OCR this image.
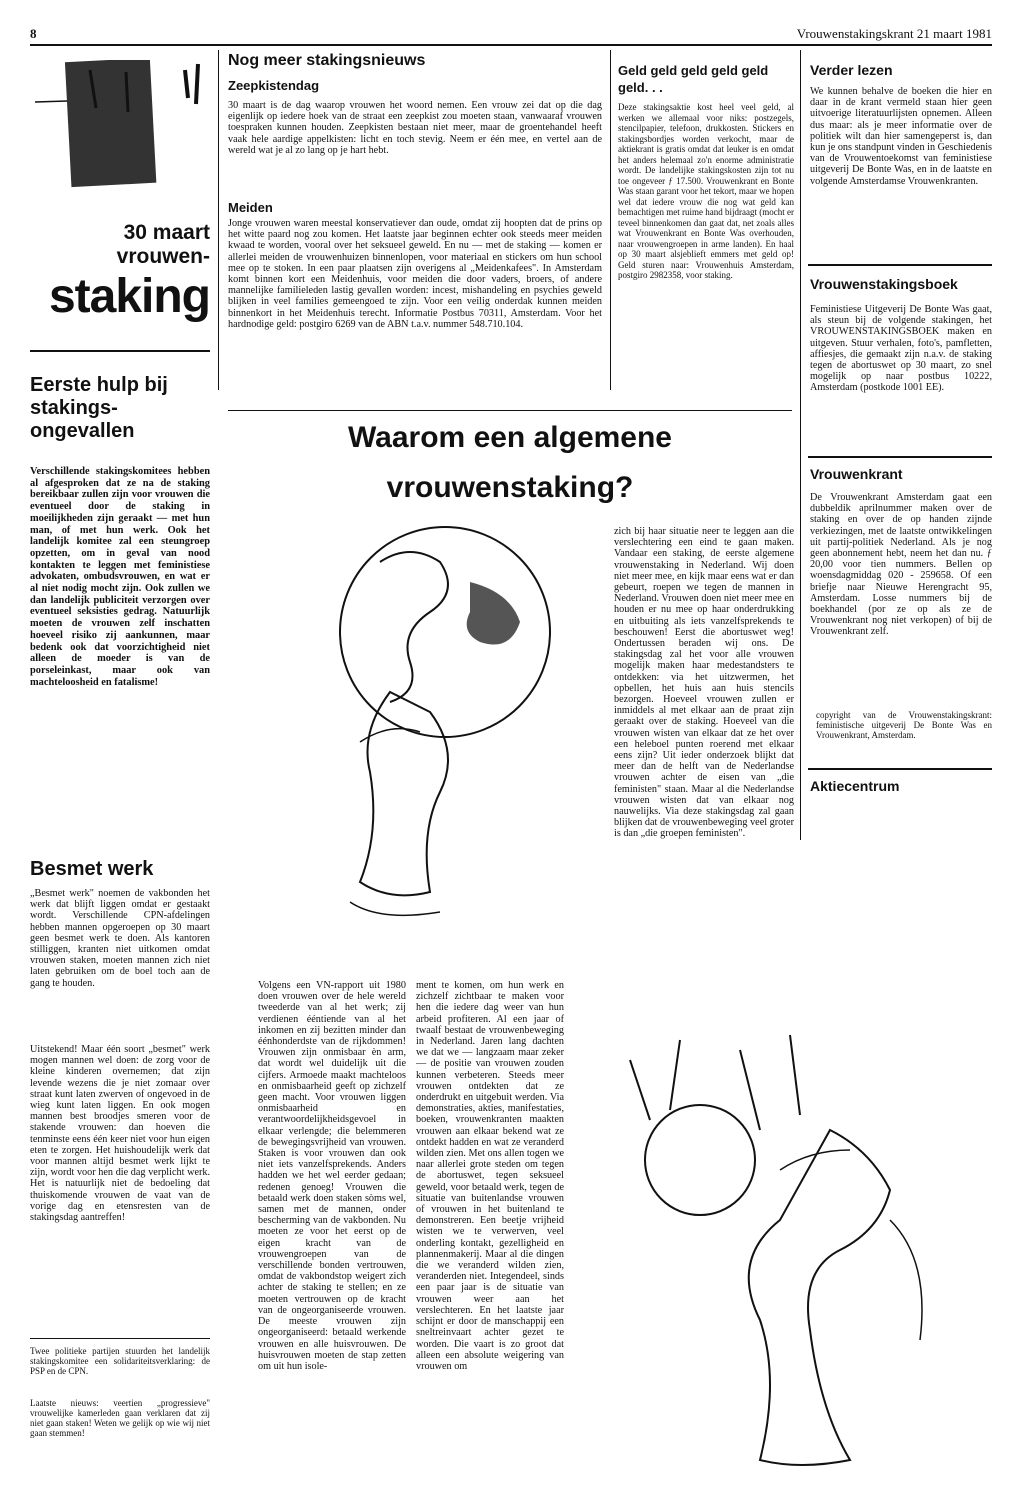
8	Vrouwenstakingskrant 21 maart 1981
30 maart
vrouwen-
staking
Eerste hulp bij stakings-ongevallen

Verschillende stakingskomitees hebben al afgesproken dat ze na de staking bereikbaar zullen zijn voor vrouwen die eventueel door de staking in moeilijkheden zijn geraakt — met hun man, of met hun werk. Ook het landelijk komitee zal een steungroep opzetten, om in geval van nood kontakten te leggen met feministiese advokaten, ombudsvrouwen, en wat er al niet nodig mocht zijn. Ook zullen we dan landelijk publiciteit verzorgen over eventueel seksisties gedrag. Natuurlijk moeten de vrouwen zelf inschatten hoeveel risiko zij aankunnen, maar bedenk ook dat voorzichtigheid niet alleen de moeder is van de porseleinkast, maar ook van machteloosheid en fatalisme!

Besmet werk

„Besmet werk" noemen de vakbonden het werk dat blijft liggen omdat er gestaakt wordt. Verschillende CPN-afdelingen hebben mannen opgeroepen op 30 maart geen besmet werk te doen. Als kantoren stilliggen, kranten niet uitkomen omdat vrouwen staken, moeten mannen zich niet laten gebruiken om de boel toch aan de gang te houden.

Uitstekend! Maar één soort „besmet" werk mogen mannen wel doen: de zorg voor de kleine kinderen overnemen; dat zijn levende wezens die je niet zomaar over straat kunt laten zwerven of ongevoed in de wieg kunt laten liggen. En ook mogen mannen best broodjes smeren voor de stakende vrouwen: dan hoeven die tenminste eens één keer niet voor hun eigen eten te zorgen. Het huishoudelijk werk dat voor mannen altijd besmet werk lijkt te zijn, wordt voor hen die dag verplicht werk. Het is natuurlijk niet de bedoeling dat thuiskomende vrouwen de vaat van de vorige dag en etensresten van de stakingsdag aantreffen!

Twee politieke partijen stuurden het landelijk stakingskomitee een solidariteitsverklaring: de PSP en de CPN.

Laatste nieuws: veertien „progressieve" vrouwelijke kamerleden gaan verklaren dat zij niet gaan staken! Weten we gelijk op wie wij niet gaan stemmen!

Nog meer stakingsnieuws
Zeepkistendag

30 maart is de dag waarop vrouwen het woord nemen. Een vrouw zei dat op die dag eigenlijk op iedere hoek van de straat een zeepkist zou moeten staan, vanwaaraf vrouwen toespraken kunnen houden. Zeepkisten bestaan niet meer, maar de groentehandel heeft vaak hele aardige appelkisten: licht en toch stevig. Neem er één mee, en vertel aan de wereld wat je al zo lang op je hart hebt.

Meiden

Jonge vrouwen waren meestal konservatiever dan oude, omdat zij hoopten dat de prins op het witte paard nog zou komen. Het laatste jaar beginnen echter ook steeds meer meiden kwaad te worden, vooral over het seksueel geweld. En nu — met de staking — komen er allerlei meiden de vrouwenhuizen binnenlopen, voor materiaal en stickers om hun school mee op te stoken. In een paar plaatsen zijn overigens al „Meidenkafees". In Amsterdam komt binnen kort een Meidenhuis, voor meiden die door vaders, broers, of andere mannelijke familieleden lastig gevallen worden: incest, mishandeling en psychies geweld blijken in veel families gemeengoed te zijn. Voor een veilig onderdak kunnen meiden binnenkort in het Meidenhuis terecht. Informatie Postbus 70311, Amsterdam. Voor het hardnodige geld: postgiro 6269 van de ABN t.a.v. nummer 548.710.104.

Geld geld geld geld geld geld. . .

Deze stakingsaktie kost heel veel geld, al werken we allemaal voor niks: postzegels, stencilpapier, telefoon, drukkosten. Stickers en stakingsbordjes worden verkocht, maar de aktiekrant is gratis omdat dat leuker is en omdat het anders helemaal zo'n enorme administratie wordt. De landelijke stakingskosten zijn tot nu toe ongeveer ƒ 17.500. Vrouwenkrant en Bonte Was staan garant voor het tekort, maar we hopen wel dat iedere vrouw die nog wat geld kan bemachtigen met ruime hand bijdraagt (mocht er teveel binnenkomen dan gaat dat, net zoals alles wat Vrouwenkrant en Bonte Was overhouden, naar vrouwengroepen in arme landen). En haal op 30 maart alsjeblieft emmers met geld op! Geld sturen naar: Vrouwenhuis Amsterdam, postgiro 2982358, voor staking.

Verder lezen

We kunnen behalve de boeken die hier en daar in de krant vermeld staan hier geen uitvoerige literatuurlijsten opnemen. Alleen dus maar: als je meer informatie over de politiek wilt dan hier samengeperst is, dan kun je ons standpunt vinden in Geschiedenis van de Vrouwentoekomst van feministiese uitgeverij De Bonte Was, en in de laatste en volgende Amsterdamse Vrouwenkranten.

Vrouwenstakingsboek

Feministiese Uitgeverij De Bonte Was gaat, als steun bij de volgende stakingen, het VROUWENSTAKINGSBOEK maken en uitgeven. Stuur verhalen, foto's, pamfletten, affiesjes, die gemaakt zijn n.a.v. de staking tegen de abortuswet op 30 maart, zo snel mogelijk op naar postbus 10222, Amsterdam (postkode 1001 EE).

Vrouwenkrant

De Vrouwenkrant Amsterdam gaat een dubbeldik aprilnummer maken over de staking en over de op handen zijnde verkiezingen, met de laatste ontwikkelingen uit partij-politiek Nederland. Als je nog geen abonnement hebt, neem het dan nu. ƒ 20,00 voor tien nummers. Bellen op woensdagmiddag 020 - 259658. Of een briefje naar Nieuwe Herengracht 95, Amsterdam. Losse nummers bij de boekhandel (por ze op als ze de Vrouwenkrant nog niet verkopen) of bij de Vrouwenkrant zelf.

copyright van de Vrouwenstakingskrant: feministische uitgeverij De Bonte Was en Vrouwenkrant, Amsterdam.

Aktiecentrum
Waarom een algemene
vrouwenstaking?

zich bij haar situatie neer te leggen aan die verslechtering een eind te gaan maken. Vandaar een staking, de eerste algemene vrouwenstaking in Nederland. Wij doen niet meer mee, en kijk maar eens wat er dan gebeurt, roepen we tegen de mannen in Nederland. Vrouwen doen niet meer mee en houden er nu mee op haar onderdrukking en uitbuiting als iets vanzelfsprekends te beschouwen! Eerst die abortuswet weg! Ondertussen beraden wij ons. De stakingsdag zal het voor alle vrouwen mogelijk maken haar medestandsters te ontdekken: via het uitzwermen, het opbellen, het huis aan huis stencils bezorgen. Hoeveel vrouwen zullen er inmiddels al met elkaar aan de praat zijn geraakt over de staking. Hoeveel van die vrouwen wisten van elkaar dat ze het over een heleboel punten roerend met elkaar eens zijn? Uit ieder onderzoek blijkt dat meer dan de helft van de Nederlandse vrouwen achter de eisen van „die feministen" staan. Maar al die Nederlandse vrouwen wisten dat van elkaar nog nauwelijks. Via deze stakingsdag zal gaan blijken dat de vrouwenbeweging veel groter is dan „die groepen feministen".

Volgens een VN-rapport uit 1980 doen vrouwen over de hele wereld tweederde van al het werk; zij verdienen ééntiende van al het inkomen en zij bezitten minder dan éénhonderdste van de rijkdommen! Vrouwen zijn onmisbaar èn arm, dat wordt wel duidelijk uit die cijfers. Armoede maakt machteloos en onmisbaarheid geeft op zichzelf geen macht. Voor vrouwen liggen onmisbaarheid en verantwoordelijkheidsgevoel in elkaar verlengde; die belemmeren de bewegingsvrijheid van vrouwen. Staken is voor vrouwen dan ook niet iets vanzelfsprekends. Anders hadden we het wel eerder gedaan; redenen genoeg! Vrouwen die betaald werk doen staken sòms wel, samen met de mannen, onder bescherming van de vakbonden. Nu moeten ze voor het eerst op de eigen kracht van de vrouwengroepen van de verschillende bonden vertrouwen, omdat de vakbondstop weigert zich achter de staking te stellen; en ze moeten vertrouwen op de kracht van de ongeorganiseerde vrouwen. De meeste vrouwen zijn ongeorganiseerd: betaald werkende vrouwen en alle huisvrouwen. De huisvrouwen moeten de stap zetten om uit hun isole-

ment te komen, om hun werk en zichzelf zichtbaar te maken voor hen die iedere dag weer van hun arbeid profiteren. Al een jaar of twaalf bestaat de vrouwenbeweging in Nederland. Jaren lang dachten we dat we — langzaam maar zeker — de positie van vrouwen zouden kunnen verbeteren. Steeds meer vrouwen ontdekten dat ze onderdrukt en uitgebuit werden. Via demonstraties, akties, manifestaties, boeken, vrouwenkranten maakten vrouwen aan elkaar bekend wat ze ontdekt hadden en wat ze veranderd wilden zien. Met ons allen togen we naar allerlei grote steden om tegen de abortuswet, tegen seksueel geweld, voor betaald werk, tegen de situatie van buitenlandse vrouwen of vrouwen in het buitenland te demonstreren. Een beetje vrijheid wisten we te verwerven, veel onderling kontakt, gezelligheid en plannenmakerij. Maar al die dingen die we veranderd wilden zien, veranderden niet. Integendeel, sinds een paar jaar is de situatie van vrouwen weer aan het verslechteren. En het laatste jaar schijnt er door de manschappij een sneltreinvaart achter gezet te worden. Die vaart is zo groot dat alleen een absolute weigering van vrouwen om
